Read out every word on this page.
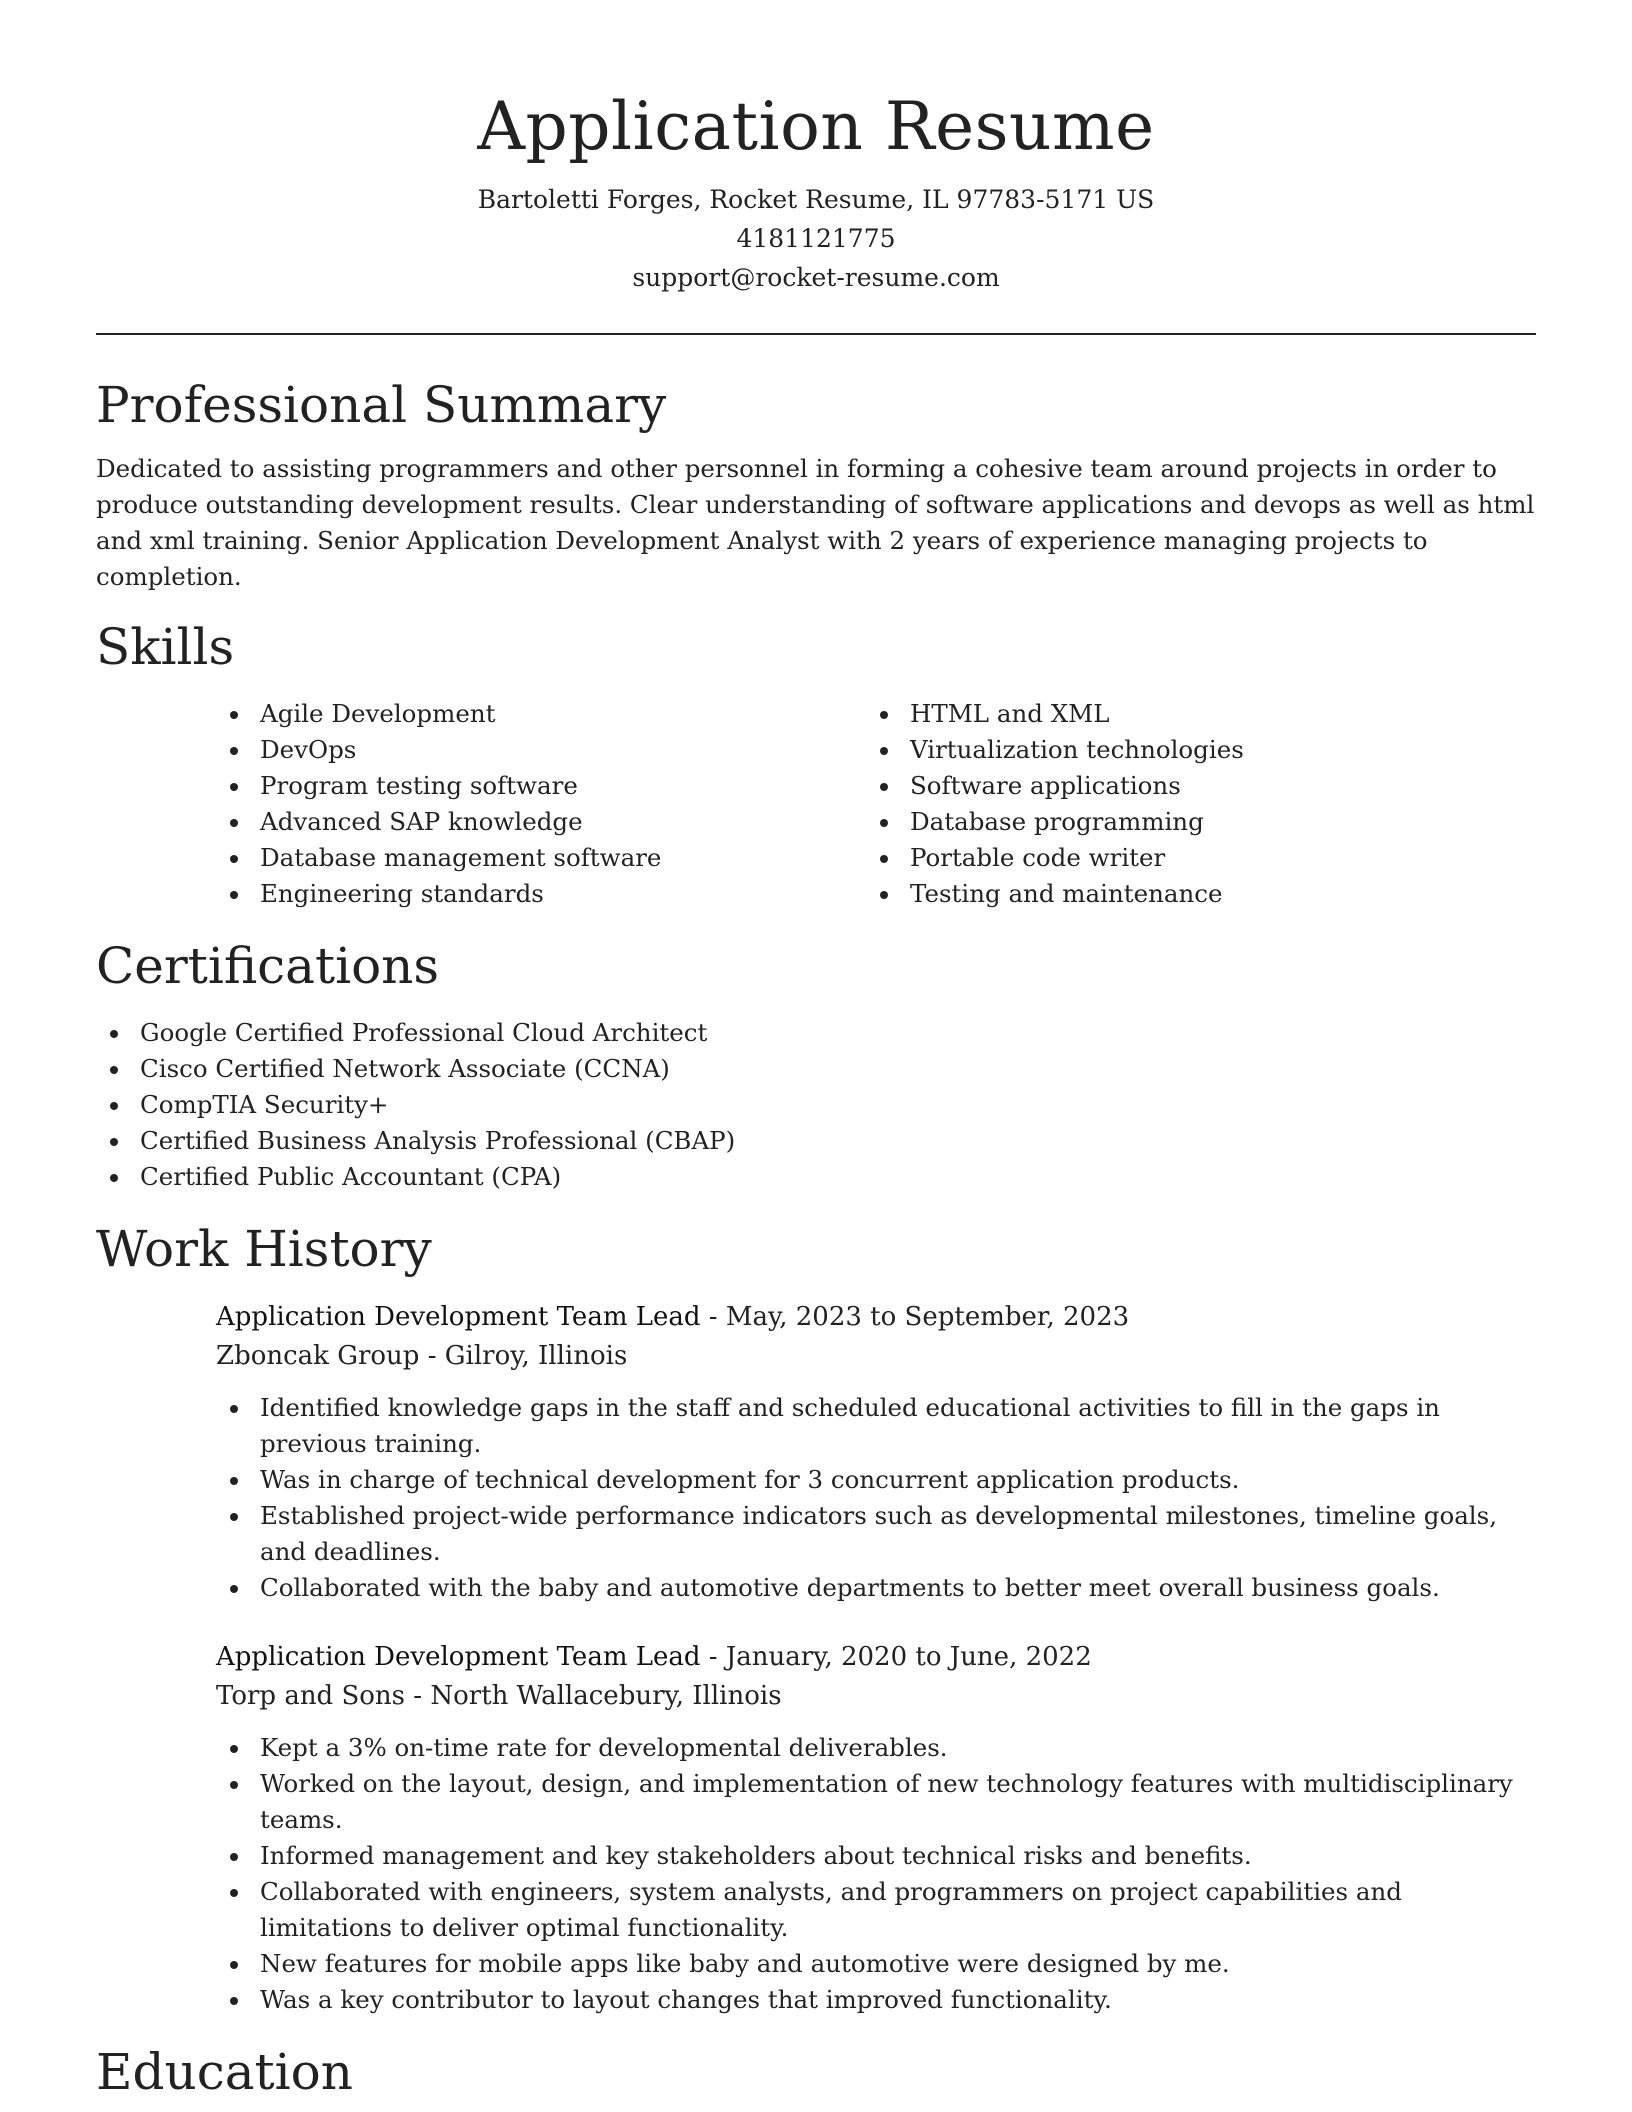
Application Resume

Bartoletti Forges, Rocket Resume, IL 97783-5171 US

4181121775

support@rocket-resume.com

Professional Summary

Dedicated to assisting programmers and other personnel in forming a cohesive team around projects in order to produce outstanding development results. Clear understanding of software applications and devops as well as html and xml training. Senior Application Development Analyst with 2 years of experience managing projects to completion.

Skills
Agile Development
DevOps
Program testing software
Advanced SAP knowledge
Database management software
Engineering standards
HTML and XML
Virtualization technologies
Software applications
Database programming
Portable code writer
Testing and maintenance
Certifications
Google Certified Professional Cloud Architect
Cisco Certified Network Associate (CCNA)
CompTIA Security+
Certified Business Analysis Professional (CBAP)
Certified Public Accountant (CPA)
Work History

Application Development Team Lead - May, 2023 to September, 2023

Zboncak Group - Gilroy, Illinois

Identified knowledge gaps in the staff and scheduled educational activities to fill in the gaps in previous training.
Was in charge of technical development for 3 concurrent application products.
Established project-wide performance indicators such as developmental milestones, timeline goals, and deadlines.
Collaborated with the baby and automotive departments to better meet overall business goals.

Application Development Team Lead - January, 2020 to June, 2022

Torp and Sons - North Wallacebury, Illinois

Kept a 3% on-time rate for developmental deliverables.
Worked on the layout, design, and implementation of new technology features with multidisciplinary teams.
Informed management and key stakeholders about technical risks and benefits.
Collaborated with engineers, system analysts, and programmers on project capabilities and limitations to deliver optimal functionality.
New features for mobile apps like baby and automotive were designed by me.
Was a key contributor to layout changes that improved functionality.
Education
